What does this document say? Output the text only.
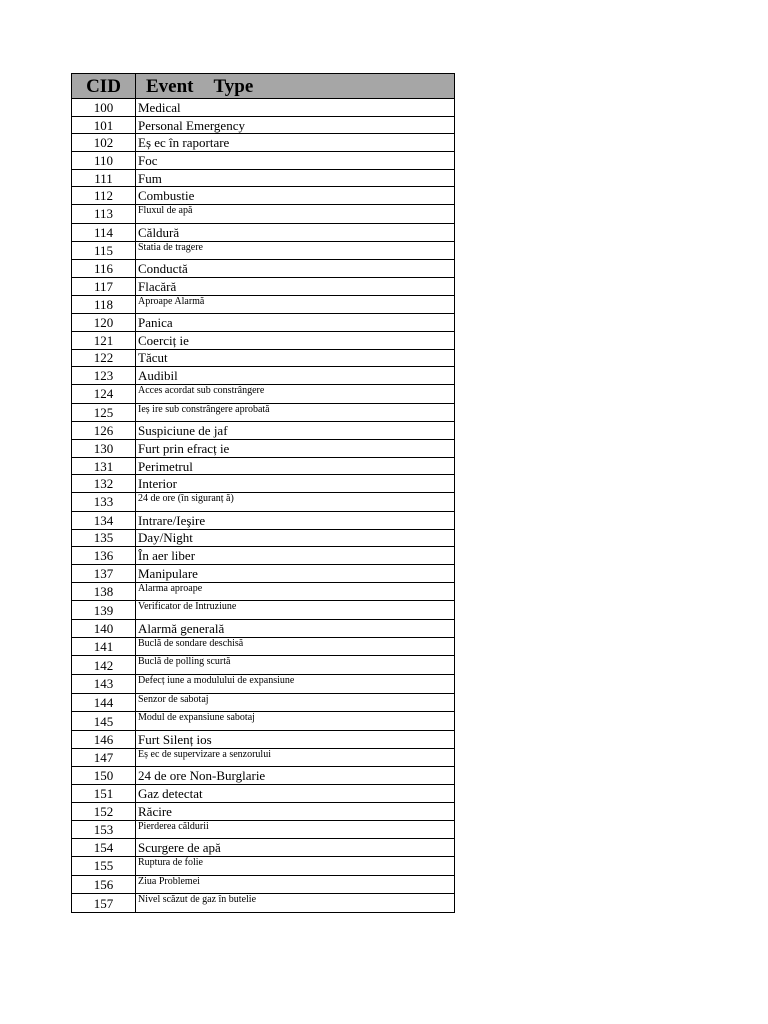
CID	Event Type
100	Medical
101	Personal Emergency
102	Eș ec în raportare
110	Foc
111	Fum
112	Combustie
113	Fluxul de apă
114	Căldură
115	Statia de tragere
116	Conductă
117	Flacără
118	Aproape Alarmă
120	Panica
121	Coerciț ie
122	Tăcut
123	Audibil
124	Acces acordat sub constrângere
125	Ieș ire sub constrângere aprobată
126	Suspiciune de jaf
130	Furt prin efracț ie
131	Perimetrul
132	Interior
133	24 de ore (în siguranț ă)
134	Intrare/Ieşire
135	Day/Night
136	În aer liber
137	Manipulare
138	Alarma aproape
139	Verificator de Intruziune
140	Alarmă generală
141	Buclă de sondare deschisă
142	Buclă de polling scurtă
143	Defecț iune a modulului de expansiune
144	Senzor de sabotaj
145	Modul de expansiune sabotaj
146	Furt Silenț ios
147	Eș ec de supervizare a senzorului
150	24 de ore Non-Burglarie
151	Gaz detectat
152	Răcire
153	Pierderea căldurii
154	Scurgere de apă
155	Ruptura de folie
156	Ziua Problemei
157	Nivel scăzut de gaz în butelie
